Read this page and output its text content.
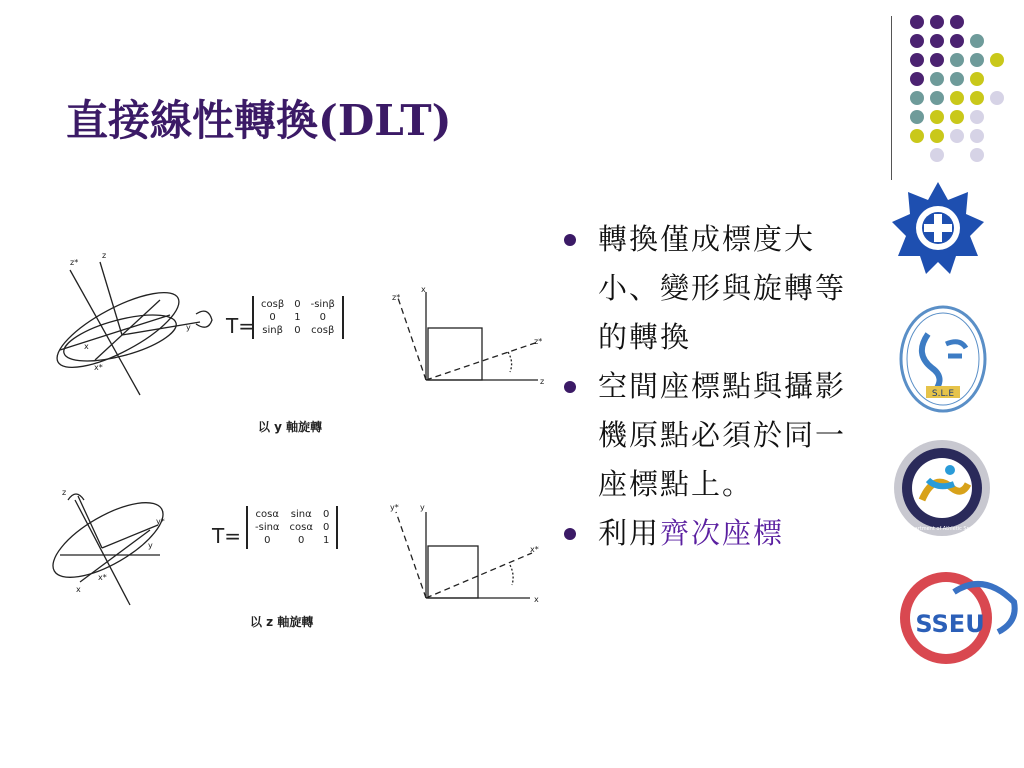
直接線性轉換(DLT)
z*
z
y
x
x*
z*
x
z*
z
z
y*
y
x
x*
y*	y
x*
x
T=
cosβ	0	-sinβ
0	1	0
sinβ	0	cosβ
以 y 軸旋轉
T=
cosα	sinα	0
-sinα	cosα	0
0	0	1
以 z 軸旋轉
轉換僅成標度大小、變形與旋轉等的轉換
空間座標點與攝影機原點必須於同一座標點上。
利用齊次座標
S.L.E
Department of Athletic Sports
SSEU
